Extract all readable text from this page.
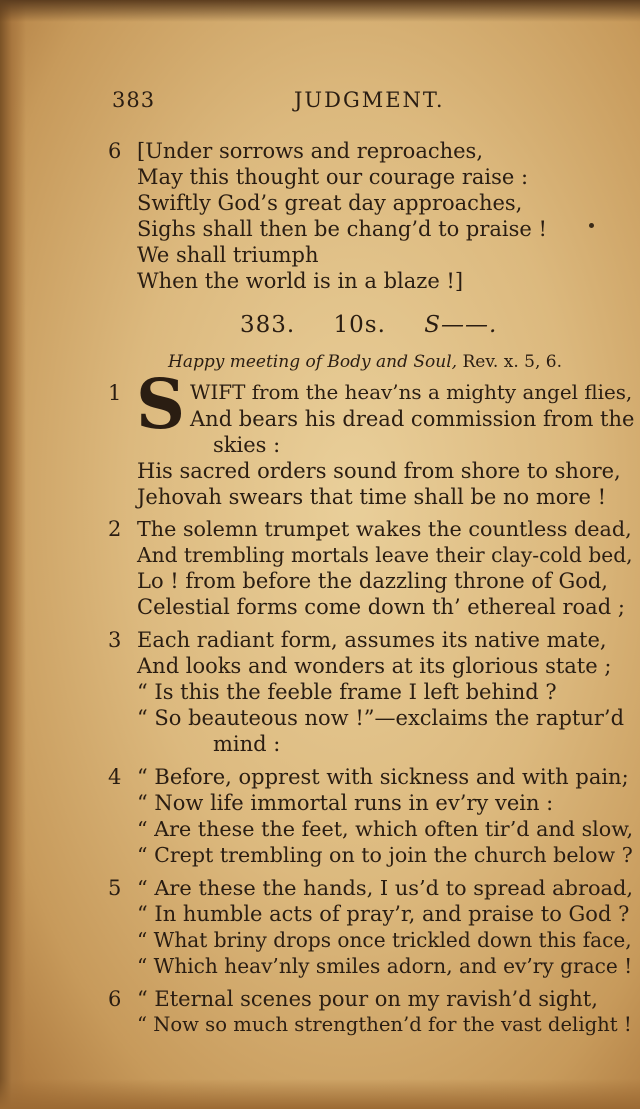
383	JUDGMENT.
6 [Under sorrows and reproaches,
May this thought our courage raise :
Swiftly God’s great day approaches,
Sighs shall then be chang’d to praise !
We shall triumph
When the world is in a blaze !]
383. 10s. S——.
Happy meeting of Body and Soul, Rev. x. 5, 6.
1 S WIFT from the heav’ns a mighty angel flies,
And bears his dread commission from the
skies :
His sacred orders sound from shore to shore,
Jehovah swears that time shall be no more !
2 The solemn trumpet wakes the countless dead,
And trembling mortals leave their clay-cold bed,
Lo ! from before the dazzling throne of God,
Celestial forms come down th’ ethereal road ;
3 Each radiant form, assumes its native mate,
And looks and wonders at its glorious state ;
“ Is this the feeble frame I left behind ?
“ So beauteous now !”—exclaims the raptur’d
mind :
4 “ Before, opprest with sickness and with pain;
“ Now life immortal runs in ev’ry vein :
“ Are these the feet, which often tir’d and slow,
“ Crept trembling on to join the church below ?
5 “ Are these the hands, I us’d to spread abroad,
“ In humble acts of pray’r, and praise to God ?
“ What briny drops once trickled down this face,
“ Which heav’nly smiles adorn, and ev’ry grace !
6 “ Eternal scenes pour on my ravish’d sight,
“ Now so much strengthen’d for the vast delight !
